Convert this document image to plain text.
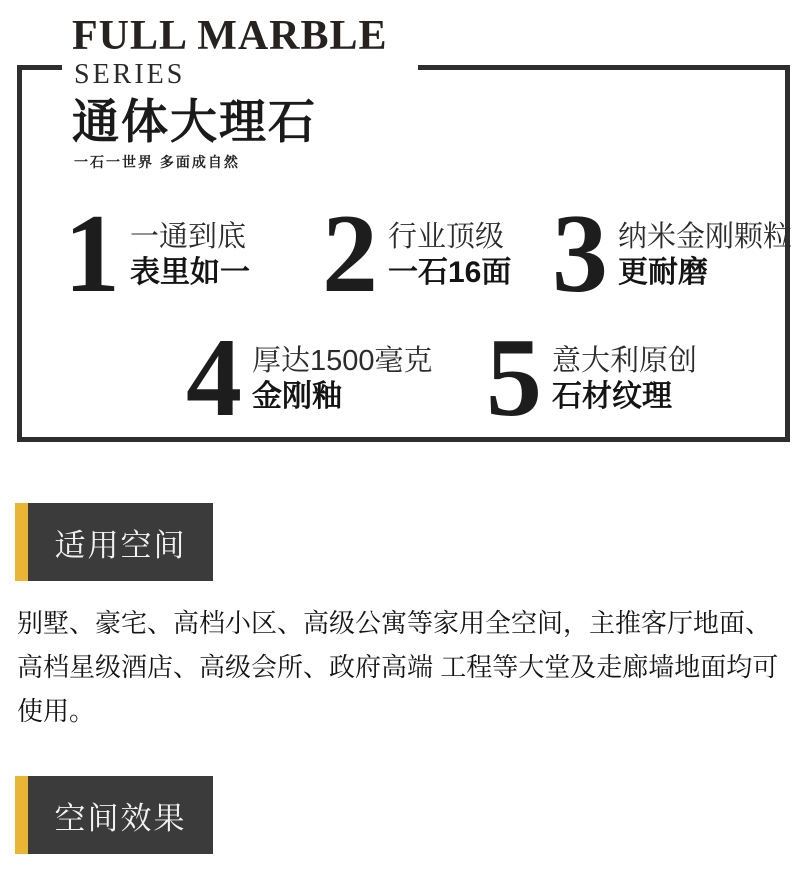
FULL MARBLE
SERIES
通体大理石
一石一世界 多面成自然
1 一通到底
表里如一 2 行业顶级
一石16面 3 纳米金刚颗粒
更耐磨
4 厚达1500毫克
金刚釉	5 意大利原创
石材纹理
适用空间
别墅、豪宅、高档小区、高级公寓等家用全空间，主推客厅地面、
高档星级酒店、高级会所、政府高端 工程等大堂及走廊墙地面均可
使用。
空间效果
